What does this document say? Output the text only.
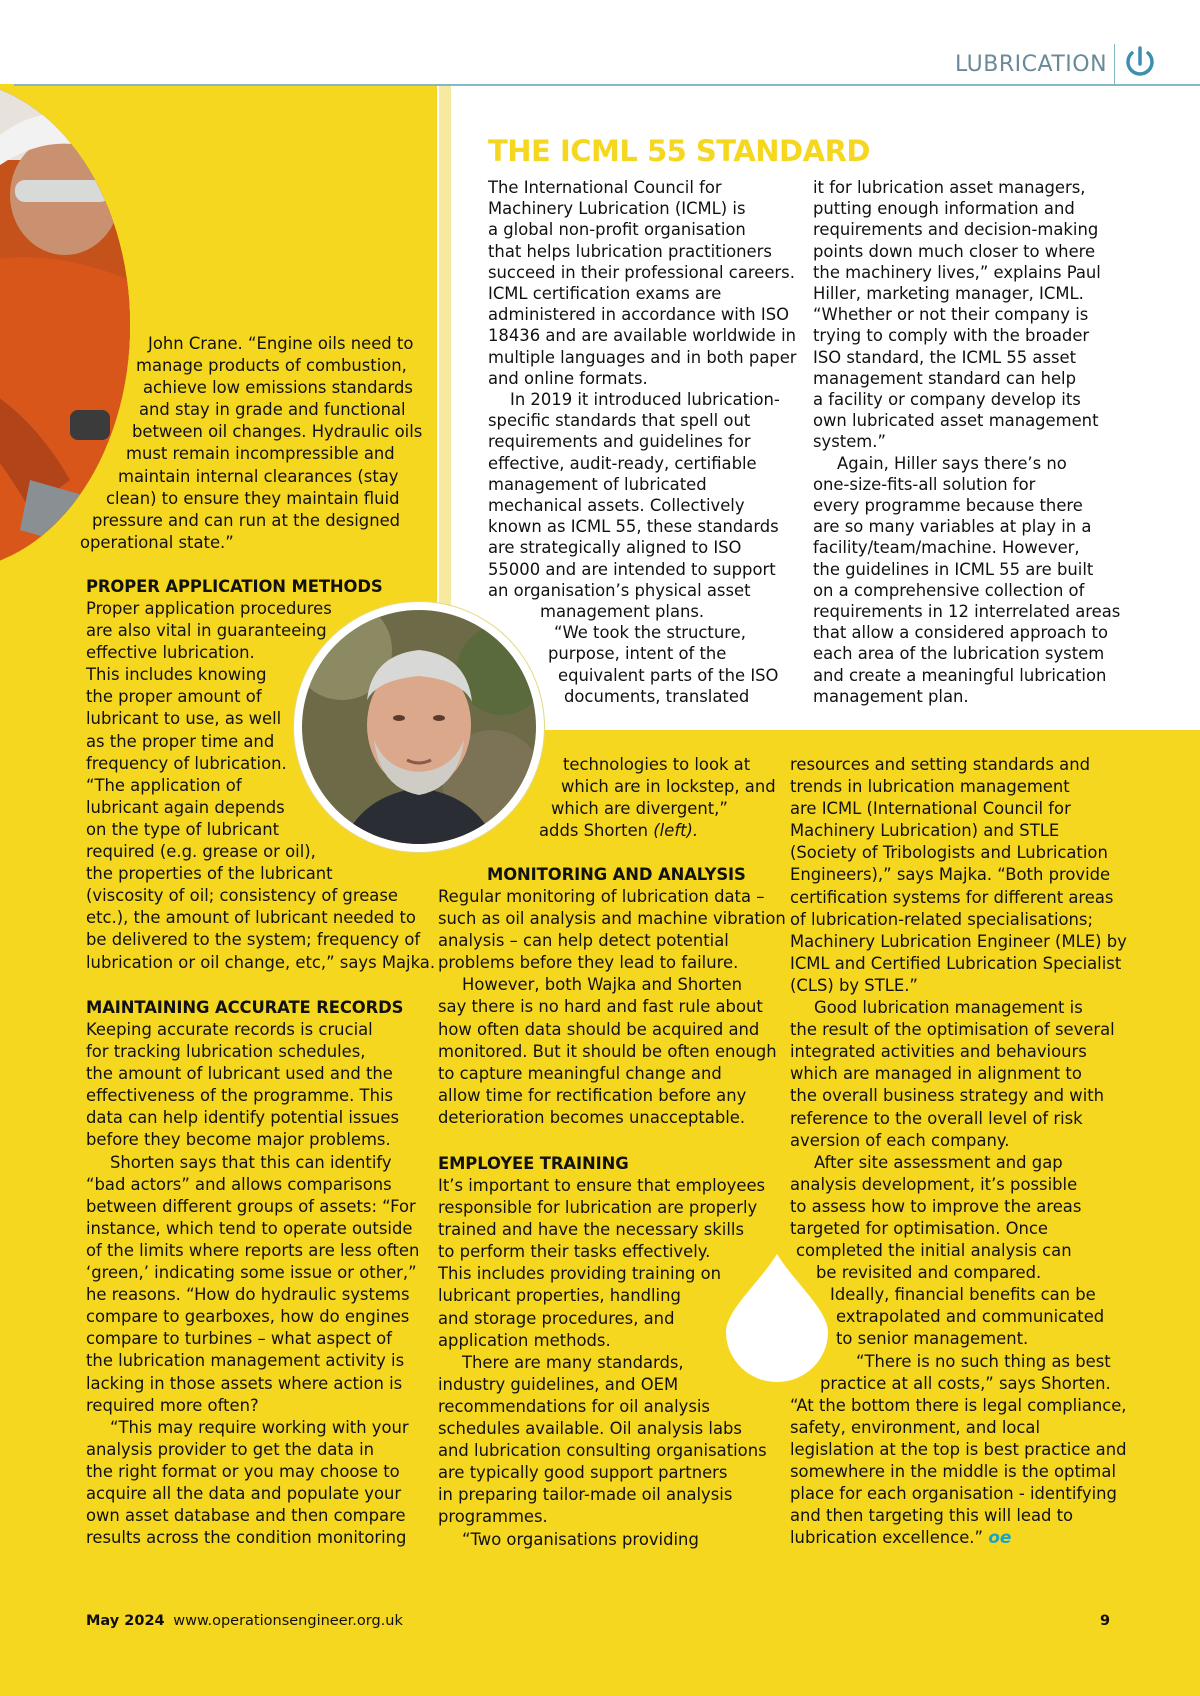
LUBRICATION
THE ICML 55 STANDARD
The International Council for
Machinery Lubrication (ICML) is
a global non-profit organisation
that helps lubrication practitioners
succeed in their professional careers.
ICML certification exams are
administered in accordance with ISO
18436 and are available worldwide in
multiple languages and in both paper
and online formats.
In 2019 it introduced lubrication-
specific standards that spell out
requirements and guidelines for
effective, audit-ready, certifiable
management of lubricated
mechanical assets. Collectively
known as ICML 55, these standards
are strategically aligned to ISO
55000 and are intended to support
an organisation’s physical asset
management plans.
“We took the structure,
purpose, intent of the
equivalent parts of the ISO
documents, translated
it for lubrication asset managers,
putting enough information and
requirements and decision-making
points down much closer to where
the machinery lives,” explains Paul
Hiller, marketing manager, ICML.
“Whether or not their company is
trying to comply with the broader
ISO standard, the ICML 55 asset
management standard can help
a facility or company develop its
own lubricated asset management
system.”
Again, Hiller says there’s no
one-size-fits-all solution for
every programme because there
are so many variables at play in a
facility/team/machine. However,
the guidelines in ICML 55 are built
on a comprehensive collection of
requirements in 12 interrelated areas
that allow a considered approach to
each area of the lubrication system
and create a meaningful lubrication
management plan.
John Crane. “Engine oils need to
manage products of combustion,
achieve low emissions standards
and stay in grade and functional
between oil changes. Hydraulic oils
must remain incompressible and
maintain internal clearances (stay
clean) to ensure they maintain fluid
pressure and can run at the designed
operational state.”
PROPER APPLICATION METHODS
Proper application procedures
are also vital in guaranteeing
effective lubrication.
This includes knowing
the proper amount of
lubricant to use, as well
as the proper time and
frequency of lubrication.
“The application of
lubricant again depends
on the type of lubricant
required (e.g. grease or oil),
the properties of the lubricant
(viscosity of oil; consistency of grease
etc.), the amount of lubricant needed to
be delivered to the system; frequency of
lubrication or oil change, etc,” says Majka.
MAINTAINING ACCURATE RECORDS
Keeping accurate records is crucial
for tracking lubrication schedules,
the amount of lubricant used and the
effectiveness of the programme. This
data can help identify potential issues
before they become major problems.
Shorten says that this can identify
“bad actors” and allows comparisons
between different groups of assets: “For
instance, which tend to operate outside
of the limits where reports are less often
‘green,’ indicating some issue or other,”
he reasons. “How do hydraulic systems
compare to gearboxes, how do engines
compare to turbines – what aspect of
the lubrication management activity is
lacking in those assets where action is
required more often?
“This may require working with your
analysis provider to get the data in
the right format or you may choose to
acquire all the data and populate your
own asset database and then compare
results across the condition monitoring
technologies to look at
which are in lockstep, and
which are divergent,”
adds Shorten (left).
MONITORING AND ANALYSIS
Regular monitoring of lubrication data –
such as oil analysis and machine vibration
analysis – can help detect potential
problems before they lead to failure.
However, both Wajka and Shorten
say there is no hard and fast rule about
how often data should be acquired and
monitored. But it should be often enough
to capture meaningful change and
allow time for rectification before any
deterioration becomes unacceptable.
EMPLOYEE TRAINING
It’s important to ensure that employees
responsible for lubrication are properly
trained and have the necessary skills
to perform their tasks effectively.
This includes providing training on
lubricant properties, handling
and storage procedures, and
application methods.
There are many standards,
industry guidelines, and OEM
recommendations for oil analysis
schedules available. Oil analysis labs
and lubrication consulting organisations
are typically good support partners
in preparing tailor-made oil analysis
programmes.
“Two organisations providing
resources and setting standards and
trends in lubrication management
are ICML (International Council for
Machinery Lubrication) and STLE
(Society of Tribologists and Lubrication
Engineers),” says Majka. “Both provide
certification systems for different areas
of lubrication-related specialisations;
Machinery Lubrication Engineer (MLE) by
ICML and Certified Lubrication Specialist
(CLS) by STLE.”
Good lubrication management is
the result of the optimisation of several
integrated activities and behaviours
which are managed in alignment to
the overall business strategy and with
reference to the overall level of risk
aversion of each company.
After site assessment and gap
analysis development, it’s possible
to assess how to improve the areas
targeted for optimisation. Once
completed the initial analysis can
be revisited and compared.
Ideally, financial benefits can be
extrapolated and communicated
to senior management.
“There is no such thing as best
practice at all costs,” says Shorten.
“At the bottom there is legal compliance,
safety, environment, and local
legislation at the top is best practice and
somewhere in the middle is the optimal
place for each organisation - identifying
and then targeting this will lead to
lubrication excellence.” oe
May 2024 www.operationsengineer.org.uk	9
